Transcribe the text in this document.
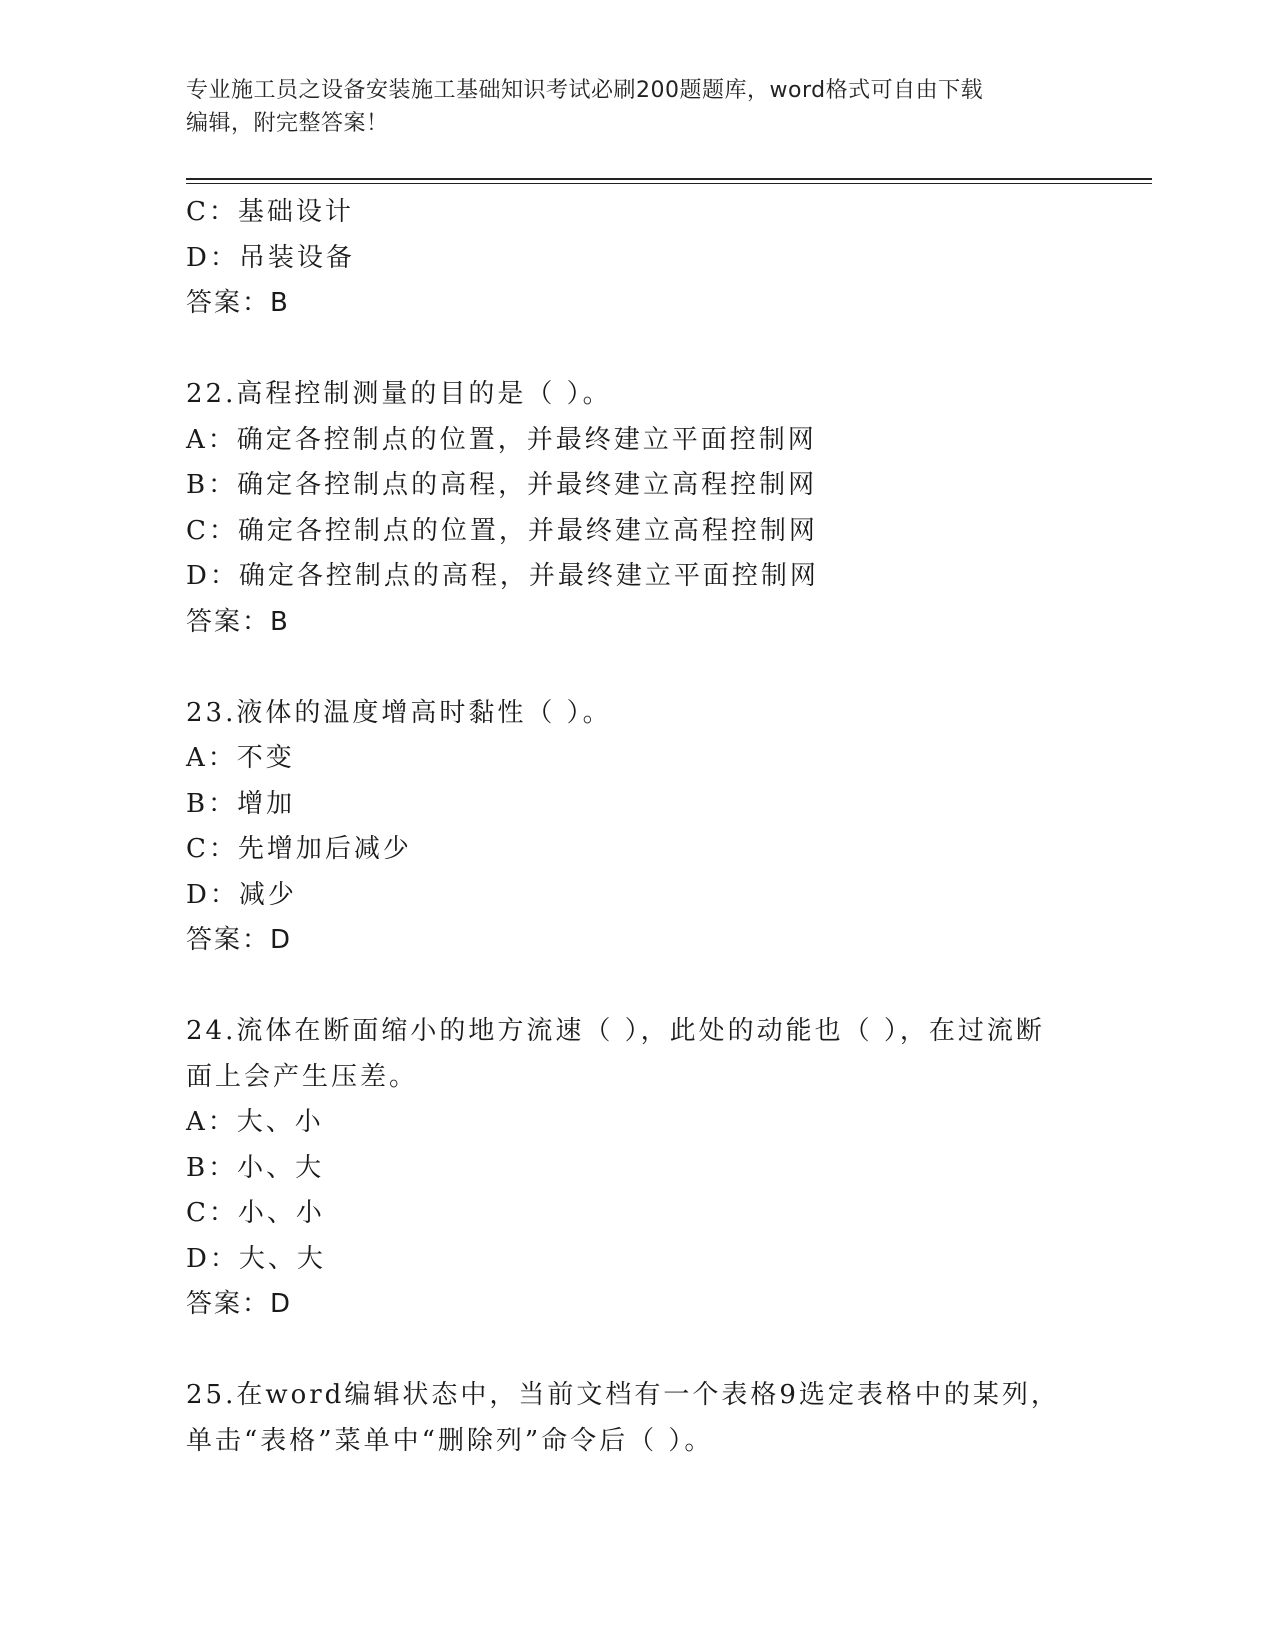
专业施工员之设备安装施工基础知识考试必刷200题题库，word格式可自由下载
编辑，附完整答案！
C：基础设计
D：吊装设备
答案：B
22.高程控制测量的目的是（ ）。
A：确定各控制点的位置，并最终建立平面控制网
B：确定各控制点的高程，并最终建立高程控制网
C：确定各控制点的位置，并最终建立高程控制网
D：确定各控制点的高程，并最终建立平面控制网
答案：B
23.液体的温度增高时黏性（ ）。
A：不变
B：增加
C：先增加后减少
D：减少
答案：D
24.流体在断面缩小的地方流速（ ），此处的动能也（ ），在过流断
面上会产生压差。
A：大、小
B：小、大
C：小、小
D：大、大
答案：D
25.在word编辑状态中，当前文档有一个表格9选定表格中的某列，
单击“表格”菜单中“删除列”命令后（ ）。
